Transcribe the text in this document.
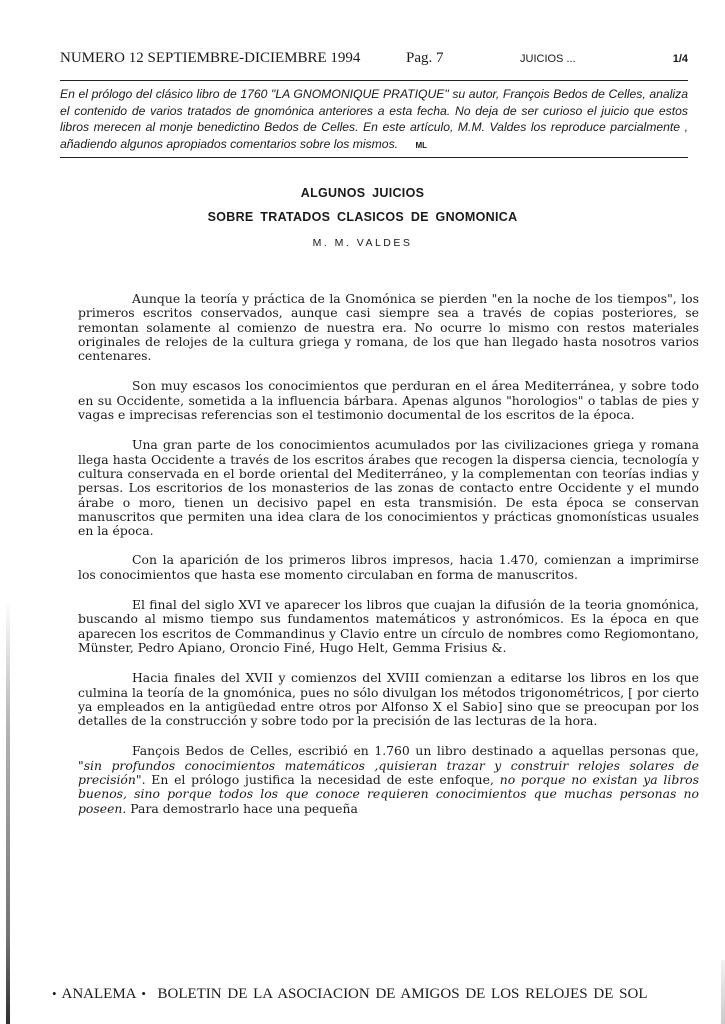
NUMERO 12 SEPTIEMBRE-DICIEMBRE 1994	Pag. 7	JUICIOS ...	1/4
En el prólogo del clásico libro de 1760 "LA GNOMONIQUE PRATIQUE" su autor, François Bedos de Celles, analiza el contenido de varios tratados de gnomónica anteriores a esta fecha. No deja de ser curioso el juicio que estos libros merecen al monje benedictino Bedos de Celles. En este artículo, M.M. Valdes los reproduce parcialmente , añadiendo algunos apropiados comentarios sobre los mismos. ML
ALGUNOS JUICIOS
SOBRE TRATADOS CLASICOS DE GNOMONICA
M. M. VALDES

Aunque la teoría y práctica de la Gnomónica se pierden "en la noche de los tiempos", los primeros escritos conservados, aunque casi siempre sea a través de copias posteriores, se remontan solamente al comienzo de nuestra era. No ocurre lo mismo con restos materiales originales de relojes de la cultura griega y romana, de los que han llegado hasta nosotros varios centenares.

Son muy escasos los conocimientos que perduran en el área Mediterránea, y sobre todo en su Occidente, sometida a la influencia bárbara. Apenas algunos "horologios" o tablas de pies y vagas e imprecisas referencias son el testimonio documental de los escritos de la época.

Una gran parte de los conocimientos acumulados por las civilizaciones griega y romana llega hasta Occidente a través de los escritos árabes que recogen la dispersa ciencia, tecnología y cultura conservada en el borde oriental del Mediterráneo, y la complementan con teorías indias y persas. Los escritorios de los monasterios de las zonas de contacto entre Occidente y el mundo árabe o moro, tienen un decisivo papel en esta transmisión. De esta época se conservan manuscritos que permiten una idea clara de los conocimientos y prácticas gnomonísticas usuales en la época.

Con la aparición de los primeros libros impresos, hacia 1.470, comienzan a imprimirse los conocimientos que hasta ese momento circulaban en forma de manuscritos.

El final del siglo XVI ve aparecer los libros que cuajan la difusión de la teoria gnomónica, buscando al mismo tiempo sus fundamentos matemáticos y astronómicos. Es la época en que aparecen los escritos de Commandinus y Clavio entre un círculo de nombres como Regiomontano, Münster, Pedro Apiano, Oroncio Finé, Hugo Helt, Gemma Frisius &.

Hacia finales del XVII y comienzos del XVIII comienzan a editarse los libros en los que culmina la teoría de la gnomónica, pues no sólo divulgan los métodos trigonométricos, [ por cierto ya empleados en la antigüedad entre otros por Alfonso X el Sabio] sino que se preocupan por los detalles de la construcción y sobre todo por la precisión de las lecturas de la hora.

Fançois Bedos de Celles, escribió en 1.760 un libro destinado a aquellas personas que, "sin profundos conocimientos matemáticos ,quisieran trazar y construir relojes solares de precisión". En el prólogo justifica la necesidad de este enfoque, no porque no existan ya libros buenos, sino porque todos los que conoce requieren conocimientos que muchas personas no poseen. Para demostrarlo hace una pequeña

• ANALEMA • BOLETIN DE LA ASOCIACION DE AMIGOS DE LOS RELOJES DE SOL
